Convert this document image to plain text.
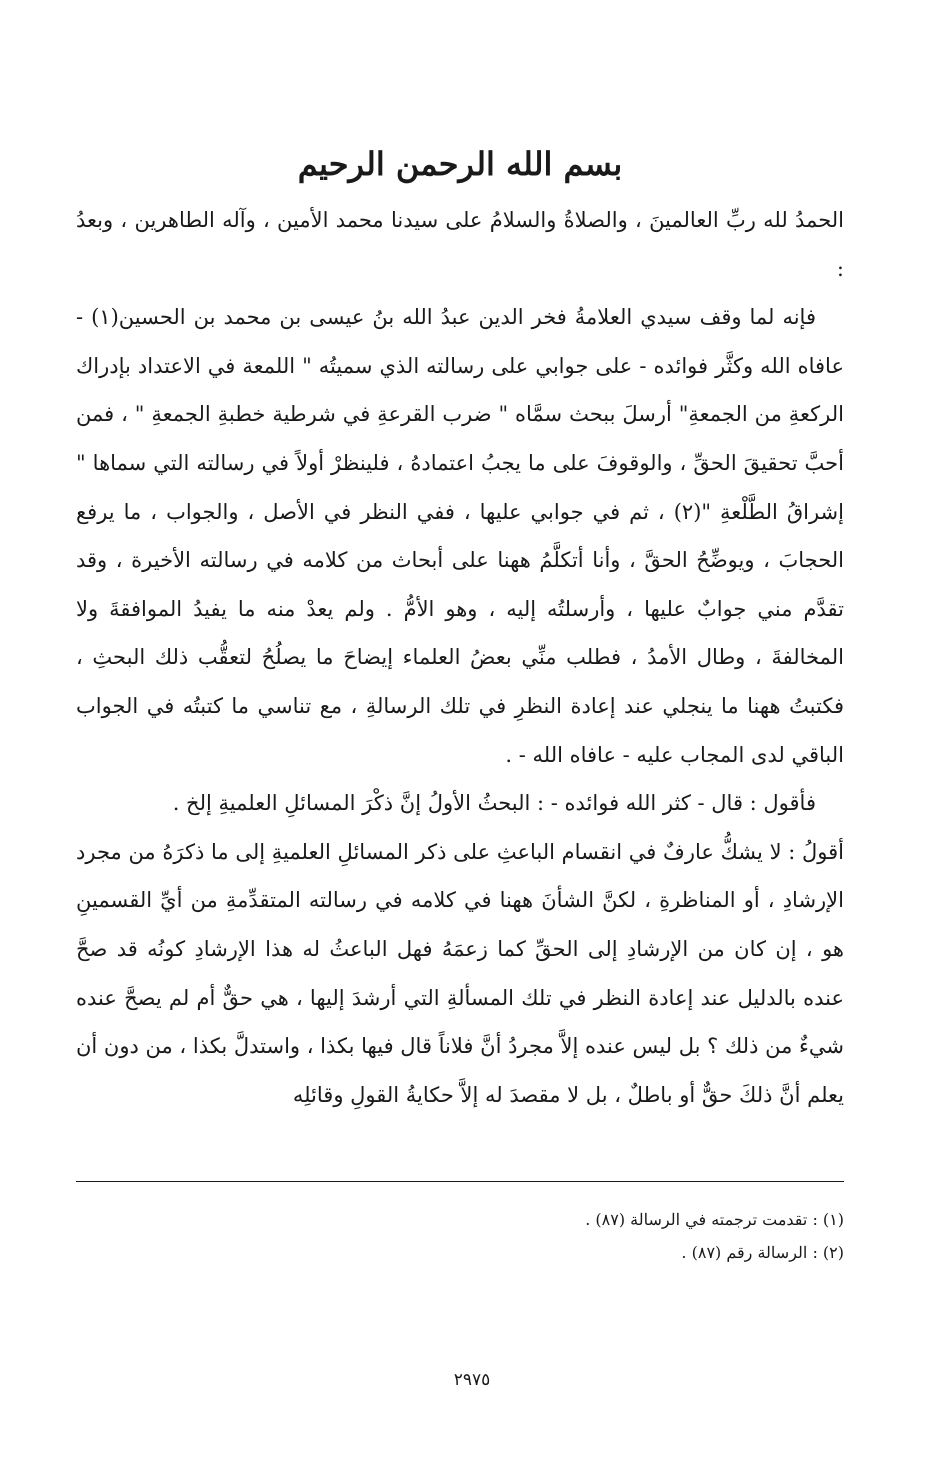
بسم الله الرحمن الرحيم

الحمدُ لله ربِّ العالمينَ ، والصلاةُ والسلامُ على سيدنا محمد الأمين ، وآله الطاهرين ، وبعدُ :

فإنه لما وقف سيدي العلامةُ فخر الدين عبدُ الله بنُ عيسى بن محمد بن الحسين(١) - عافاه الله وكثَّر فوائده - على جوابي على رسالته الذي سميتُه " اللمعة في الاعتداد بإدراك الركعةِ من الجمعةِ" أرسلَ ببحث سمَّاه " ضرب القرعةِ في شرطية خطبةِ الجمعةِ " ، فمن أحبَّ تحقيقَ الحقِّ ، والوقوفَ على ما يجبُ اعتمادهُ ، فلينظرْ أولاً في رسالته التي سماها " إشراقُ الطَّلْعةِ "(٢) ، ثم في جوابي عليها ، ففي النظر في الأصل ، والجواب ، ما يرفع الحجابَ ، ويوضِّحُ الحقَّ ، وأنا أتكلَّمُ ههنا على أبحاث من كلامه في رسالته الأخيرة ، وقد تقدَّم مني جوابٌ عليها ، وأرسلتُه إليه ، وهو الأمُّ . ولم يعدْ منه ما يفيدُ الموافقةَ ولا المخالفةَ ، وطال الأمدُ ، فطلب منِّي بعضُ العلماء إيضاحَ ما يصلُحُ لتعقُّب ذلك البحثِ ، فكتبتُ ههنا ما ينجلي عند إعادة النظرِ في تلك الرسالةِ ، مع تناسي ما كتبتُه في الجواب الباقي لدى المجاب عليه - عافاه الله - .

فأقول : قال - كثر الله فوائده - : البحثُ الأولُ إنَّ ذكْرَ المسائلِ العلميةِ إلخ .

أقولُ : لا يشكُّ عارفٌ في انقسام الباعثِ على ذكر المسائلِ العلميةِ إلى ما ذكرَهُ من مجرد الإرشادِ ، أو المناظرةِ ، لكنَّ الشأنَ ههنا في كلامه في رسالته المتقدِّمةِ من أيِّ القسمينِ هو ، إن كان من الإرشادِ إلى الحقِّ كما زعمَهُ فهل الباعثُ له هذا الإرشادِ كونُه قد صحَّ عنده بالدليل عند إعادة النظر في تلك المسألةِ التي أرشدَ إليها ، هي حقٌّ أم لم يصحَّ عنده شيءٌ من ذلك ؟ بل ليس عنده إلاَّ مجردُ أنَّ فلاناً قال فيها بكذا ، واستدلَّ بكذا ، من دون أن يعلم أنَّ ذلكَ حقٌّ أو باطلٌ ، بل لا مقصدَ له إلاَّ حكايةُ القولِ وقائلِه

(١) : تقدمت ترجمته في الرسالة (٨٧) .

(٢) : الرسالة رقم (٨٧) .

٢٩٧٥
